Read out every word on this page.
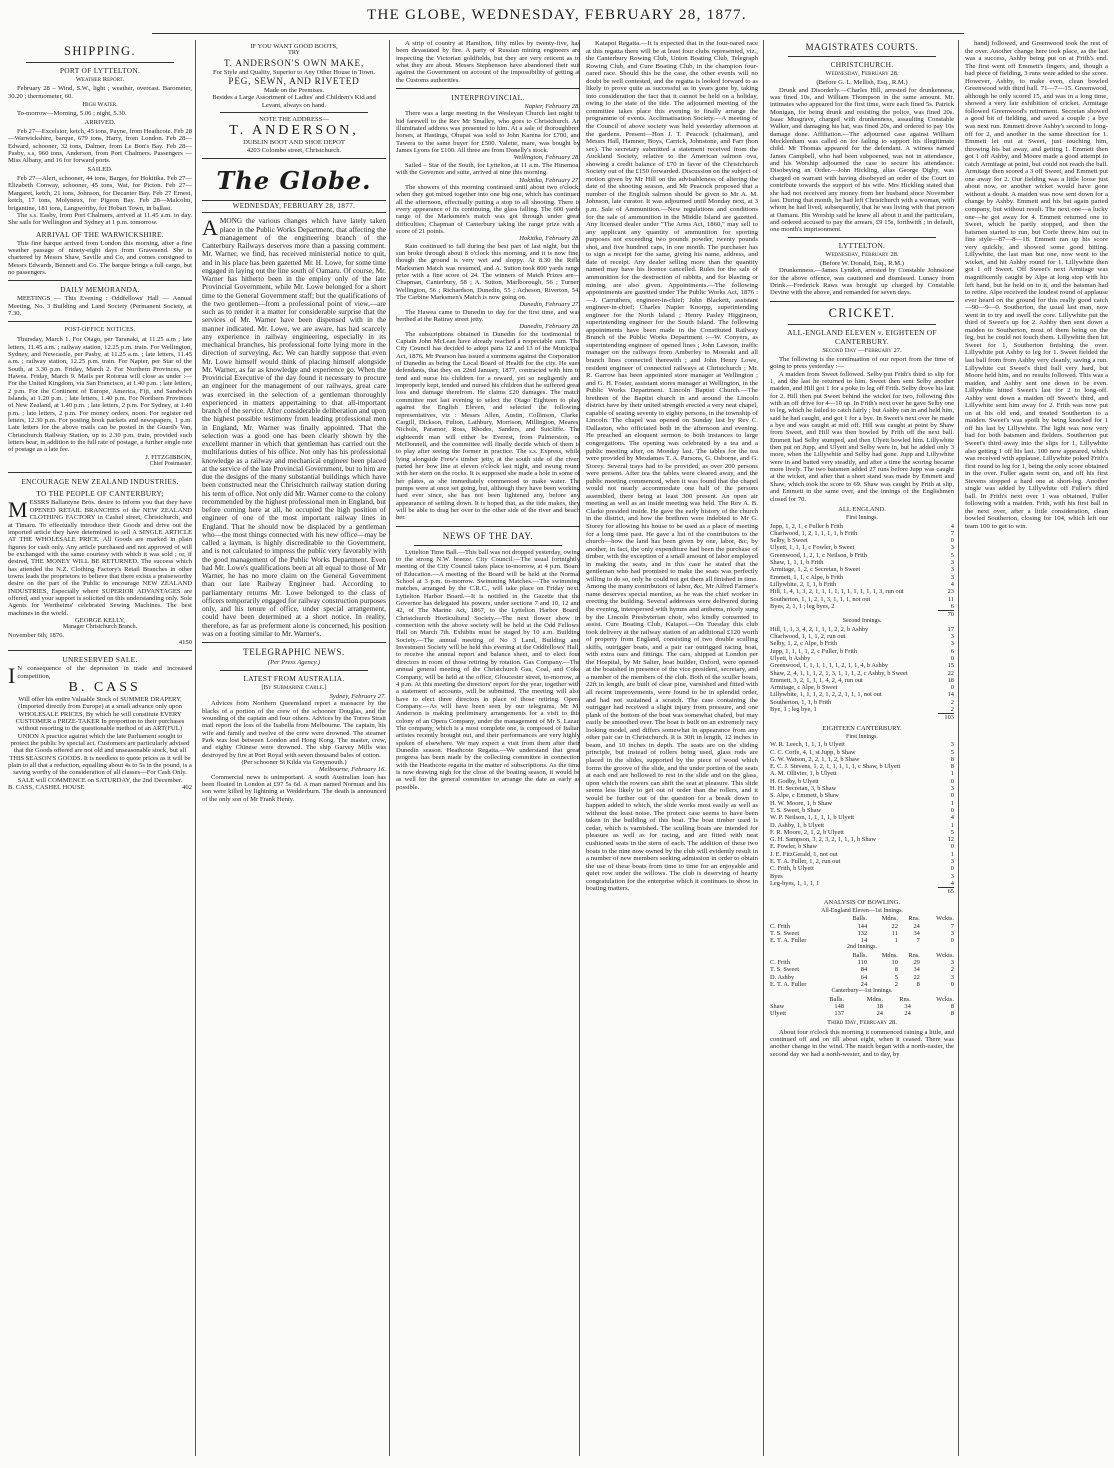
THE GLOBE, WEDNESDAY, FEBRUARY 28, 1877.
SHIPPING.
PORT OF LYTTELTON.
Weather Report.

February 28 – Wind, S.W., light ; weather, overcast. Barometer, 30.20 ; thermometer, 60.

High Water.

To-morrow—Morning, 5.06 ; night, 5.30.

ARRIVED.

Feb 27—Excelsior, ketch, 45 tons, Payne, from Heathcote. Feb 28—Warwickshire, barque, 679 tons, Harry, from London. Feb 28—Edward, schooner, 32 tons, Dalmer, from Le Bon's Bay. Feb 28—Pasby, s.s, 960 tons, Anderson, from Port Chalmers. Passengers — Miss Albany, and 16 for forward ports.

SAILED.

Feb 27—Alert, schooner, 44 tons, Barges, for Hokitika. Feb 27—Elizabeth Conway, schooner, 45 tons, Wat, for Picton. Feb 27—Margaret, ketch, 21 tons, Johnson, for Decanter Bay. Feb 27 Ernest, ketch, 17 tons, Molyneux, for Pigeon Bay. Feb 28—Malcolm, brigantine, 181 tons, Langworthy, for Hobart Town, in ballast.

The s.s. Easby, from Port Chalmers, arrived at 11.45 a.m. to day. She sails for Wellington and Sydney at 1 p.m. tomorrow.

ARRIVAL OF THE WARWICKSHIRE.

This fine barque arrived from London this morning, after a fine weather passage of ninety-eight days from Gravesend. She is chartered by Messrs Shaw, Saville and Co, and comes consigned to Messrs Edwards, Bennett and Co. The barque brings a full cargo, but no passengers.

DAILY MEMORANDA.

MEETINGS — This Evening : Oddfellows' Hall — Annual Meeting, No. 3 Building and Land Society (Permanent Society, at 7.30.

POST-OFFICE NOTICES.

Thursday, March 1. For Otago, per Taranaki, at 11.25 a.m ; late letters, 11.45 a.m. ; railway station, 12.25 p.m. train. For Wellington, Sydney, and Newcastle, per Pasby, at 11.25 a.m. ; late letters, 11.45 a.m. ; railway station, 12.25 p.m. train. For Napier, per Star of the South, at 3.30 p.m. Friday, March 2. For Northern Provinces, per Hawea. Friday, March 9. Mails per Rotorua will close as under :— For the United Kingdom, via San Francisco, at 1.40 p.m. ; late letters, 2 p.m. For the Continent of Europe, America, Fiji, and Sandwich Islands, at 1.20 p.m. ; late letters, 1.40 p.m. For Northern Provinces of New Zealand, at 1.40 p.m. ; late letters, 2 p.m. For Sydney, at 1.40 p.m. ; late letters, 2 p.m. For money orders, noon. For register red letters, 12.30 p.m. For posting book packets and newspapers, 1 p.m. Late letters for the above mails can be posted in the Guard's Van, Christchurch Railway Station, up to 2.30 p.m. train, provided such letters bear, in addition to the full rate of postage, a further single rate of postage as a late fee.

J. FITZGIBBON,
Chief Postmaster.
ENCOURAGE NEW ZEALAND INDUSTRIES.
TO THE PEOPLE OF CANTERBURY;

MESSRS Ballantyne Bros. desire to inform you that they have OPENED RETAIL BRANCHES of the NEW ZEALAND CLOTHING FACTORY in Cashel street, Christchurch, and at Timaru. To effectually introduce their Goods and drive out the imported article they have determined to sell A SINGLE ARTICLE AT THE WHOLESALE PRICE. All Goods are marked in plain figures for cash only. Any article purchased and not approved of will be exchanged with the same courtesy with which it was sold ; or, if desired, THE MONEY WILL BE RETURNED. The success which has attended the N.Z. Clothing Factory's Retail Branches in other towns leads the proprietors to believe that there exists a praiseworthy desire on the part of the Public to encourage NEW ZEALAND INDUSTRIES, Especially where SUPERIOR ADVANTAGES are offered, and your support is solicited on this understanding only. Sole Agents for Wertheims' celebrated Sewing Machines. The best machines in the world.

GEORGE KELLY,
Manager Christchurch Branch.
November 6th, 1876.
4150
UNRESERVED SALE.

I N consequence of the depression in trade and increased competition,

B. CASS

Will offer his entire Valuable Stock of SUMMER DRAPERY, (Imported directly from Europe) at a small advance only upon WHOLESALE PRICES, By which he will constitute EVERY CUSTOMER a PRIZE-TAKER In proportion to their purchases without resorting to the questionable method of an ART(FUL) UNION A practice against which the late Parliament sought to protect the public by special act. Customers are particularly advised that the Goods offered are not old and unseasonable stock, but all THIS SEASON'S GOODS. It is needless to quote prices as it will be plain to all that a reduction, equalling about 4s to 5s in the pound, is a saving worthy of the consideration of all classes—For Cash Only. SALE will COMMENCE on SATURDAY, the 2nd December.

B. CASS, CASHEL HOUSE	402
IF YOU WANT GOOD BOOTS,
TRY
T. ANDERSON'S OWN MAKE,
For Style and Quality, Superior to Any Other House in Town.
PEG, SEWN, AND RIVETED
Made on the Premises.
Besides a Large Assortment of Ladies' and Children's Kid and Levant, always on hand.
NOTE THE ADDRESS—
T. ANDERSON,
DUBLIN BOOT AND SHOE DEPOT
4203 Colombo street, Christchurch.
The Globe.
WEDNESDAY, FEBRUARY 28, 1877.

AMONG the various changes which have lately taken place in the Public Works Department, that affecting the management of the engineering branch of the Canterbury Railways deserves more than a passing comment. Mr. Warner, we find, has received ministerial notice to quit, and in his place has been gazetted Mr. H. Lowe, for some time engaged in laying out the line south of Oamaru. Of course, Mr. Warner has hitherto been in the employ only of the late Provincial Government, while Mr. Lowe belonged for a short time to the General Government staff; but the qualifications of the two gentlemen—from a professional point of view,—are such as to render it a matter for considerable surprise that the services of Mr. Warner have been dispensed with in the manner indicated. Mr. Lowe, we are aware, has had scarcely any experience in railway engineering, especially in its mechanical branches, his professional forte lying more in the direction of surveying, &c. We can hardly suppose that even Mr. Lowe himself would think of placing himself alongside Mr. Warner, as far as knowledge and experience go. When the Provincial Executive of the day found it necessary to procure an engineer for the management of our railways, great care was exercised in the selection of a gentleman thoroughly experienced in matters appertaining to that all-important branch of the service. After considerable deliberation and upon the highest possible testimony from leading professional men in England, Mr. Warner was finally appointed. That the selection was a good one has been clearly shown by the excellent manner in which that gentleman has carried out the multifarious duties of his office. Not only has his professional knowledge as a railway and mechanical engineer been placed at the service of the late Provincial Government, but to him are due the designs of the many substantial buildings which have been constructed near the Christchurch railway station during his term of office. Not only did Mr. Warner come to the colony recommended by the highest professional men in England, but before coming here at all, he occupied the high position of engineer of one of the most important railway lines in England. That he should now be displaced by a gentleman who—the most things connected with his new office—may be called a layman, is highly discreditable to the Government, and is not calculated to impress the public very favorably with the good management of the Public Works Department. Even had Mr. Lowe's qualifications been at all equal to those of Mr Warner, he has no more claim on the General Government than our late Railway Engineer had. According to parliamentary returns Mr. Lowe belonged to the class of officers temporarily engaged for railway construction purposes only, and his tenure of office, under special arrangement, could have been determined at a short notice. In reality, therefore, as far as preferment alone is concerned, his position was on a footing similar to Mr. Warner's.

TELEGRAPHIC NEWS.
(Per Press Agency.)
LATEST FROM AUSTRALIA.
[By Submarine Cable.]
Sydney, February 27.

Advices from Northern Queensland report a massacre by the blacks of a portion of the crew of the schooner Douglas, and the wounding of the captain and four others. Advices by the Torres Strait mail report the loss of the Isabella from Melbourne. The captain, his wife and family and twelve of the crew were drowned. The steamer Park was lost between London and Hong Kong. The master, crew, and eighty Chinese were drowned. The ship Garvey Mills was destroyed by fire at Port Royal with seven thousand bales of cotton.

(Per schooner St Kilda via Greymouth.)
Melbourne, February 16.

Commercial news is unimportant. A south Australian loan has been floated in London at £97 5s 6d. A man named Norman and his son were killed by lightning at Wedderburn. The death is announced of the only son of Mr Frank Henty.

A strip of country at Hamilton, fifty miles by twenty-five, has been devastated by fire. A party of Russian mining engineers are inspecting the Victorian goldfields, but they are very reticent as to what they are about. Messrs Stephenson have abandoned their suit against the Government on account of the impossibility of getting at the Customs authorities.

INTERPROVINCIAL.
Napier, February 28.

There was a large meeting in the Wesleyan Church last night to bid farewell to the Rev Mr Smalley, who goes to Christchurch. An illuminated address was presented to him. At a sale of thoroughbred horses, at Hastings, Ohupai was sold to John Karena for £700, and Tawera to the same buyer for £500. Valette, mare, was bought by James Lyons for £100. All three are from Donelly's stock.

Wellington, February 28.

Sailed – Star of the South, for Lyttelton, at 11 a.m. The Hinemoa, with the Governor and suite, arrived at nine this morning.

Hokitika, February 27.

The showers of this morning continued until about two o'clock, when they got mixed together into one big one, which has continued all the afternoon, effectually putting a stop to all shooting. There is every appearance of its continuing, the glass falling. The 600 yards range of the Marksmen's match was got through under great difficulties; Chapman of Canterbury taking the range prize with a score of 21 points.

Hokitika, February 28.

Rain continued to fall during the best part of last night, but the sun broke through about 8 o'clock this morning, and it is now fine, though the ground is very wet and sloppy. At 8.30 the Rifle Marksmen Match was resumed, and A. Sutton took 800 yards range prize with a fine score of 24. The winners of Match Prizes are—Chapman, Canterbury, 58 ; A. Sutton, Marlborough, 56 ; Turner, Wellington, 56 ; Richardson, Dunedin, 55 ; Acheson, Riverton, 54. The Carbine Marksmen's Match is now going on.

Dunedin, February 27.

The Hawea came to Dunedin to day for the first time, and was berthed at the Rattray street jetty.

Dunedin, February 28.

The subscriptions obtained in Dunedin for the testimonial to Captain John McLean have already reached a respectable sum. The City Council has decided to adopt parts 12 and 13 of the Municipal Act, 1876. Mr Pearson has issued a summons against the Corporation of Dunedin as being the Local Board of Health for the city. He sues defendants, that they on 22nd January, 1877, contracted with him to tend and nurse his children for a reward, yet so negligently and improperly kept, tended and nursed his children that he suffered great loss and damage therefrom. He claims £20 damages. The match committee met last evening to select the Otago Eighteen to play against the English Eleven, and selected the following representatives, viz : Messrs Allen, Austin, Collinson, Clarke, Cargill, Dickson, Fulton, Lathbury, Morrison, Millington, Meares, Nichols, Paramor, Ross, Rhodes, Sanders, and Sutcliffe. The eighteenth man will either be Everest, from Palmerston, or McDonnell, and the committee will finally decide which of them is to play after seeing the former in practice. The s.s. Express, while lying alongside Frew's timber jetty, at the south side of the river, parted her bow line at eleven o'clock last night, and swung round with her stern on the rocks. It is supposed she made a hole in some of her plates, as she immediately commenced to make water. The pumps were at once set going, but, although they have been working hard ever since, she has not been lightened any, before any appearance of settling down. It is hoped that, as the tide makes, they will be able to drag her over to the other side of the river and beach her.

NEWS OF THE DAY.

Lyttelton Time Ball.—This ball was not dropped yesterday, owing to the strong N.W. breeze. City Council.—The usual fortnightly meeting of the City Council takes place to-morrow, at 4 p.m. Board of Education.—A meeting of the Board will be held at the Normal School at 3 p.m. to-morrow. Swimming Matches.—The swimming matches, arranged by the C.R.C., will take place on Friday next. Lyttelton Harbor Board.—It is notified in the Gazette that the Governor has delegated his powers, under sections 7 and 10, 12 and 42, of The Marine Act, 1867, to the Lyttelton Harbor Board. Christchurch Horticultural Society.—The next flower show in connection with the above society will be held at the Odd Fellows' Hall on March 7th. Exhibits must be staged by 10 a.m. Building Society.—The annual meeting of No 3 Land, Building and Investment Society will be held this evening at the Oddfellows' Hall, to receive the annual report and balance sheet, and to elect four directors in room of those retiring by rotation. Gas Company.—The annual general meeting of the Christchurch Gas, Coal, and Coke Company, will be held at the office, Gloucester street, to-morrow, at 4 p.m. At this meeting the directors' report for the year, together with a statement of accounts, will be submitted. The meeting will also have to elect three directors in place of those retiring. Opera Company.—As will have been seen by our telegrams, Mr M. Anderson is making preliminary arrangements for a visit to this colony of an Opera Company, under the management of Mr S. Lazar. The company, which is a most complete one, is composed of Italian artistes recently brought out, and their performances are very highly spoken of elsewhere. We may expect a visit from them after their Dunedin season. Heathcote Regatta.—We understand that great progress has been made by the collecting committee in connection with the Heathcote regatta in the matter of subscriptions. As the time is now drawing nigh for the close of the boating season, it would be as well for the general committee to arrange the date as early as possible.

Kaiapoi Regatta.—It is expected that in the four-oared race at this regatta there will be at least four clubs represented, viz., the Canterbury Rowing Club, Union Boating Club, Telegraph Rowing Club, and Cure Boating Club, in the champion four-oared race. Should this be the case, the other events will no doubt be well contested, and the regatta is looked forward to as likely to prove quite as successful as in years gone by, taking into consideration the fact that it cannot be held on a holiday, owing to the state of the tide. The adjourned meeting of the committee takes place this evening to finally arrange the programme of events. Acclimatisation Society.—A meeting of the Council of above society was held yesterday afternoon at the gardens. Present—Hon J. T. Peacock (chairman), and Messrs Hall, Hamner, Boys, Carrick, Johnstone, and Farr (hon sec). The secretary submitted a statement received from the Auckland Society, relative to the American salmon ova, showing a credit balance of £70 in favor of the Christchurch Society out of the £150 forwarded. Discussion on the subject of motion given by Mr Hill on the advisableness of altering the date of the shooting season, and Mr Peacock proposed that a number of the English salmon should be given to Mr A. M. Johnson, late curator. It was adjourned until Monday next, at 3 p.m. Sale of Ammunition.—New regulations and conditions for the sale of ammunition in the Middle Island are gazetted. Any licensed dealer under "The Arms Act, 1860," may sell to any applicant any quantity of ammunition for sporting purposes not exceeding two pounds powder, twenty pounds shot, and five hundred caps, in one month. The purchaser has to sign a receipt for the same, giving his name, address, and date of receipt. Any dealer selling more than the quantity named may have his licence cancelled. Rules for the sale of ammunition for the destruction of rabbits, and for blasting or mining, are also given. Appointments.—The following appointments are gazetted under The Public Works Act, 1876 :—J. Carruthers, engineer-in-chief; John Blackett, assistant engineer-in-chief; Charles Napier Knorpp, superintending engineer for the North Island ; Henry Pasley Higginson, superintending engineer for the South Island. The following appointments have been made in the Constituted Railway Branch of the Public Works Department :—W. Conyers, as superintending engineer of opened lines ; John Lawson, traffic manager on the railways from Amberley to Moeraki and all branch lines connected therewith ; and John Henry Lowe, resident engineer of connected railways at Christchurch ; Mr. R. Garrow has been appointed store manager at Wellington ; and G. H. Foster, assistant stores manager at Wellington, in the Public Works Department. Lincoln Baptist Church.—The brethren of the Baptist church in and around the Lincoln district have by their united strength erected a very neat chapel, capable of seating seventy to eighty persons, in the township of Lincoln. The chapel was opened on Sunday last by Rev C. Dallaston, who officiated both in the afternoon and evening. He preached an eloquent sermon to both instances to large congregations. The opening was celebrated by a tea and a public meeting after, on Monday last. The tables for the tea were provided by Mesdames T. A. Parsons, G. Osborne, and G. Storey. Several trays had to be provided, as over 200 persons were present. After tea the tables were cleared away, and the public meeting commenced, when it was found that the chapel would not nearly accommodate one half of the persons assembled, there being at least 300 present. An open air meeting as well as an inside meeting was held. The Rev A. B. Clarke presided inside. He gave the early history of the church in the district, and how the brethren were indebted to Mr G. Storey for allowing his house to be used as a place of meeting for a long time past. He gave a list of the contributors to the church—how the land has been given by one, labor, &c, by another, in fact, the only expenditure had been the purchase of timber, with the exception of a small amount of labor employed in making the seats, and in this case he stated that the gentleman who had promised to make the seats was perfectly willing to do so, only he could not get them all finished in time. Among the many contributors of labor, &c, Mr Alfred Farmer's name deserves special mention, as he was the chief worker in erecting the building. Several addresses were delivered during the evening, interspersed with hymns and anthems, nicely sung by the Lincoln Presbyterian choir, who kindly consented to assist. Cure Boating Club, Kaiapoi.—On Tuesday this club took delivery at the railway station of an additional £120 worth of property from England, consisting of two double sculling skiffs, outrigger boats, and a pair car outrigged racing boat, with extra oars and fittings. The cars, shipped at London per the Hospital, by Mr Salter, boat builder, Oxford, were opened at the boatshed in presence of the vice president, secretary, and a number of the members of the club. Both of the sculler boats, 22ft in length, are built of clear pine, varnished and fitted with all recent improvements, were found to be in splendid order, and had not sustained a scratch. The case containing the outrigger had received a slight injury from pressure, and one plank of the bottom of the boat was somewhat chafed, but may easily be smoothed over. The boat is built on an extremely racy looking model, and differs somewhat in appearance from any other pair car in Christchurch. It is 30ft in length, 12 inches in beam, and 10 inches in depth. The seats are on the sliding principle, but instead of rollers being used, glass rods are placed in the slides, supported by the piece of wood which forms the groove of the slide, and the under portion of the seats at each end are hollowed to rest in the slide and on the glass, upon which the rowers can shift the seat at pleasure. This slide seems less likely to get out of order than the rollers, and it would be further out of the question for a break down to happen added to which, the slide works most easily as well as without the least noise. The protect case seems to have been taken in the building of this boat. The boat timber used is cedar, which is varnished. The sculling boats are intended for pleasure as well as for racing, and are fitted with neat cushioned seats in the stern of each. The addition of these two boats to the nine now owned by the club will evidently result in a number of new members seeking admission in order to obtain the use of these boats from time to time for an enjoyable and quiet row under the willows. The club is deserving of hearty congratulation for the enterprise which it continues to show in boating matters.

MAGISTRATES COURTS.
CHRISTCHURCH.
Wednesday, February 28.
(Before G. L. Mellish, Esq., R.M.)

Drunk and Disorderly.—Charles Hill, arrested for drunkenness, was fined 10s, and William Thompson in the same amount. Mr. intimates who appeared for the first time, were each fined 5s. Patrick Monigan, for being drunk and resisting the police, was fined 20s. Isaac Musgrave, charged with drunkenness, assaulting Constable Walker, and damaging his hat, was fined 20s, and ordered to pay 10s damage done. Affiliation.—The adjourned case against William Mecklenham was called on for failing to support his illegitimate child. Mr Thomas appeared for the defendant. A witness named James Campbell, who had been subpoened, was not in attendance, and his Worship adjourned the case to secure his attendance. Disobeying an Order.—John Hickling, alias George Digby, was charged on warrant with having disobeyed an order of the Court to contribute towards the support of his wife. Mrs Hickling stated that she had not received any money from her husband since November last. During that month, he had left Christchurch with a woman, with whom he had lived, subsequently, that he was living with that person at Oamaru. His Worship said he knew all about it and the particulars, and ordered accused to pay the arrears, £9 15s, forthwith ; in default, one month's imprisonment.

LYTTELTON.
Wednesday, February 28.
(Before W. Donald, Esq., R.M.)

Drunkenness.—James Lyndon, arrested by Constable Johnstone for the above offence, was cautioned and dismissed. Lunacy from Drink.—Frederick Raws was brought up charged by Constable Devine with the above, and remanded for seven days.

CRICKET.
ALL-ENGLAND ELEVEN v. EIGHTEEN OF CANTERBURY.
Second Day —February 27.

The following is the continuation of our report from the time of going to press yesterday :—

A maiden from Sweet followed. Selby put Frith's third to slip for 1, and the last he returned to him. Sweet then sent Selby another maiden, and Hill got 1 for a poke to leg off Frith. Selby drove his last for 2. Hill then put Sweet behind the wicket for two, following this with an off drive for 4—10 up. In Frith's next over he gave Selby one to leg, which he failed to catch fairly ; but Ashby ran in and held him, said he had caught, and got 1 for a bye. In Sweet's next over he made a bye and was caught at mid off. Hill was caught at point by Shaw from Sweet, and Hill was then bowled by Frith off the next ball. Emmett had Selby stumped, and then Ulyett bowled him. Lillywhite then put on Jupp, and Ulyett and Selby were in, but he added only 3 more, when the Lillywhite and Selby had gone. Jupp and Lillywhite were in and batted very steadily, and after a time the scoring became more lively. The two batsmen added 27 runs before Jupp was caught at the wicket, and after that a short stand was made by Emmett and Shaw, which took the score to 69. Shaw was caught by Frith at slip, and Emmett in the same over, and the innings of the Englishmen closed for 70.

ALL ENGLAND.
First Innings.
Jupp, 1, 2, 1, c Fuller b Frith	4
Charlwood, 1, 2, 1, 1, 1, 1, b Frith	7
Selby, b Sweet	0
Ulyett, 1, 1, 1, c Fowler, b Sweet	3
Greenwood, 1, 2, 1, c Neilson, b Frith	5
Shaw, 1, 1, 1, b Frith	3
Armitage, 1, 2, c Secretan, b Sweet	3
Emmett, 1, 1, c Alpe, b Frith	3
Lillywhite, 2, 1, 1, b Frith	4
Hill, 1, 4, 1, 3, 2, 1, 1, 1, 1, 1, 1, 1, 1, 1, 1, 3, run out	23
Southerton, 1, 1, 2, 1, 3, 1, 1, 1, not out	11
Byes, 2, 1, 1 ; leg byes, 2	6
	70
Second Innings.
Hill, 1, 1, 3, 4, 2, 1, 1, 1, 2, 2, b Ashby	17
Charlwood, 1, 1, 1, 2, run out	3
Selby, 1, 2, c Alpe, b Frith	3
Jupp, 1, 1, 1, 1, 2, c Fuller, b Frith	6
Ulyett, b Ashby	0
Greenwood, 1, 1, 1, 1, 1, 1, 2, 1, 1, 4, b Ashby	15
Shaw, 2, 4, 1, 1, 1, 2, 1, 3, 1, 1, 1, 2, c Ashby, b Sweet	22
Emmett, 3, 2, 1, 1, 1, 4, 2, 4, run out	18
Armitage, c Alpe, b Sweet	0
Lillywhite, 1, 1, 1, 2, 1, 2, 2, 1, 1, 1, not out	14
Southerton, 1, 1, b Frith	2
Bye, 1 ; leg bye, 1	2
	103
EIGHTEEN CANTERBURY.
First Innings.
W. R. Leech, 1, 1, 1, b Ulyett	3
C. C. Corfe, 4, 1, st Jupp, b Shaw	5
G. W. Watson, 2, 2, 1, 1, 2, b Shaw	8
E. C. J. Stevens, 1, 2, 1, 1, 1, 1, 1, c Shaw, b Ulyett	8
A. M. Ollivier, 1, b Ulyett	1
H. Godby, b Ulyett	0
H. H. Secretan, 3, b Shaw	3
S. Alpe, c Emmett, b Shaw	0
H. W. Moore, 1, b Shaw	1
T. S. Sweet, b Shaw	0
W. P. Neilson, 1, 1, 1, 1, b Ulyett	4
D. Ashby, 1, b Ulyett	1
F. R. Moore, 2, 1, 2, b Ulyett	5
G. H. Sampson, 3, 2, 3, 2, 1, 1, 1, b Shaw	12
E. Fowler, b Shaw	0
J. E. FitzGerald, 1, not out	1
E. T. A. Fuller, 1, 2, run out	3
C. Frith, b Ulyett	0
Byes	3
Leg-byes, 1, 1, 1, 1	4
	65
ANALYSIS OF BOWLING.
All-England Eleven—1st Innings.
	Balls.	Mdns.	Rns.	Wckts.
C. Frith	144	22	24	7
T. S. Sweet	132	11	34	3
E. T. A. Fuller	14	1	7	0
2nd Innings.
	Balls.	Mdns.	Rns.	Wckts.
C. Frith	110	10	29	3
T. S. Sweet	84	8	34	2
D. Ashby	64	5	22	3
E. T. A. Fuller	24	2	8	0
Canterbury—1st Innings.
	Balls.	Mdns.	Rns.	Wckts.
Shaw	148	18	34	8
Ulyett	137	24	24	8
Third Day, February 28.

About four o'clock this morning it commenced raining a little, and continued off and on till about eight, when it ceased. There was another change in the wind. The match began with a north-easter, the second day we had a north-wester, and to day, by

hand) followed, and Greenwood took the rest of the over. Another change here took place, as the last was a success, Ashby being put on at Frith's end. The first went off Emmett's fingers, and, though a bad piece of fielding, 3 runs were added to the score. However, Ashby, to make even, clean bowled Greenwood with third ball. 71—7—15. Greenwood, although he only scored 15, and was in a long time, showed a very fair exhibition of cricket. Armitage followed Greenwood's retirement. Secretan showed a good bit of fielding, and saved a couple ; a bye was next run. Emmett drove Ashby's second to long-off for 2, and another in the same direction for 1. Emmett let out at Sweet, just touching him, throwing his bat away, and getting 1. Emmett then got 1 off Ashby, and Moore made a good attempt to catch Armitage at point, but could not reach the ball. Armitage then scored a 3 off Sweet, and Emmett put one away for 2. Our fielding was a little loose just about now, or another wicket would have gone without a doubt. A maiden was now sent down for a change by Ashby. Emmett and his bat again parted company, but without result. The next one—a lucky one—he got away for 4. Emmett returned one to Sweet, which he partly stopped, and then the batsmen started to run, but Corfe threw him out in fine style—87—8—18. Emmett ran up his score very quickly, and showed some good hitting. Lillywhite, the last man but one, now went to the wicket, and hit Ashby round for 1. Lillywhite then got 1 off Sweet. Off Sweet's next Armitage was magnificently caught by Alpe at long stop with his left hand, but he held on to it, and the batsman had to retire. Alpe received the loudest round of applause ever heard on the ground for this really good catch—90—9—0. Southerton, the usual last man, now went in to try and swell the core. Lillywhite put the third of Sweet's up for 2. Ashby then sent down a maiden to Southerton, most of them being on the leg, but he could not touch them. Lillywhite then hit Sweet for 1, Southerton finishing the over. Lillywhite put Ashby to leg for 1. Sweet fielded the last ball from from Ashby very cleanly, saving a run. Lillywhite cut Sweet's third ball very hard, but Moore held him, and no results followed. This was a maiden, and Ashby sent one down to be even. Lillywhite hitted Sweet's last for 2 to long-off. Ashby sent down a maiden off Sweet's third, and Lillywhite sent him away for 2. Frith was now put on at his old end, and treated Southerton to a maiden. Sweet's was spoilt by being knocked for 1 off his last by Lillywhite. The light was now very bad for both batsmen and fielders. Southerton put Sweet's third away into the slips for 1, Lillywhite also getting 1 off his last. 100 now appeared, which was received with applause. Lillywhite poked Frith's first round to leg for 1, being the only score obtained in the over. Fuller again went on, and off his first Stevens stopped a hard one at short-leg. Another single was added by Lillywhite off Fuller's third ball. In Frith's next over 1 was obtained, Fuller following with a maiden. Frith, with his first ball in the next over, after a little consideration, clean bowled Southerton, closing for 104, which left our team 100 to get to win.
